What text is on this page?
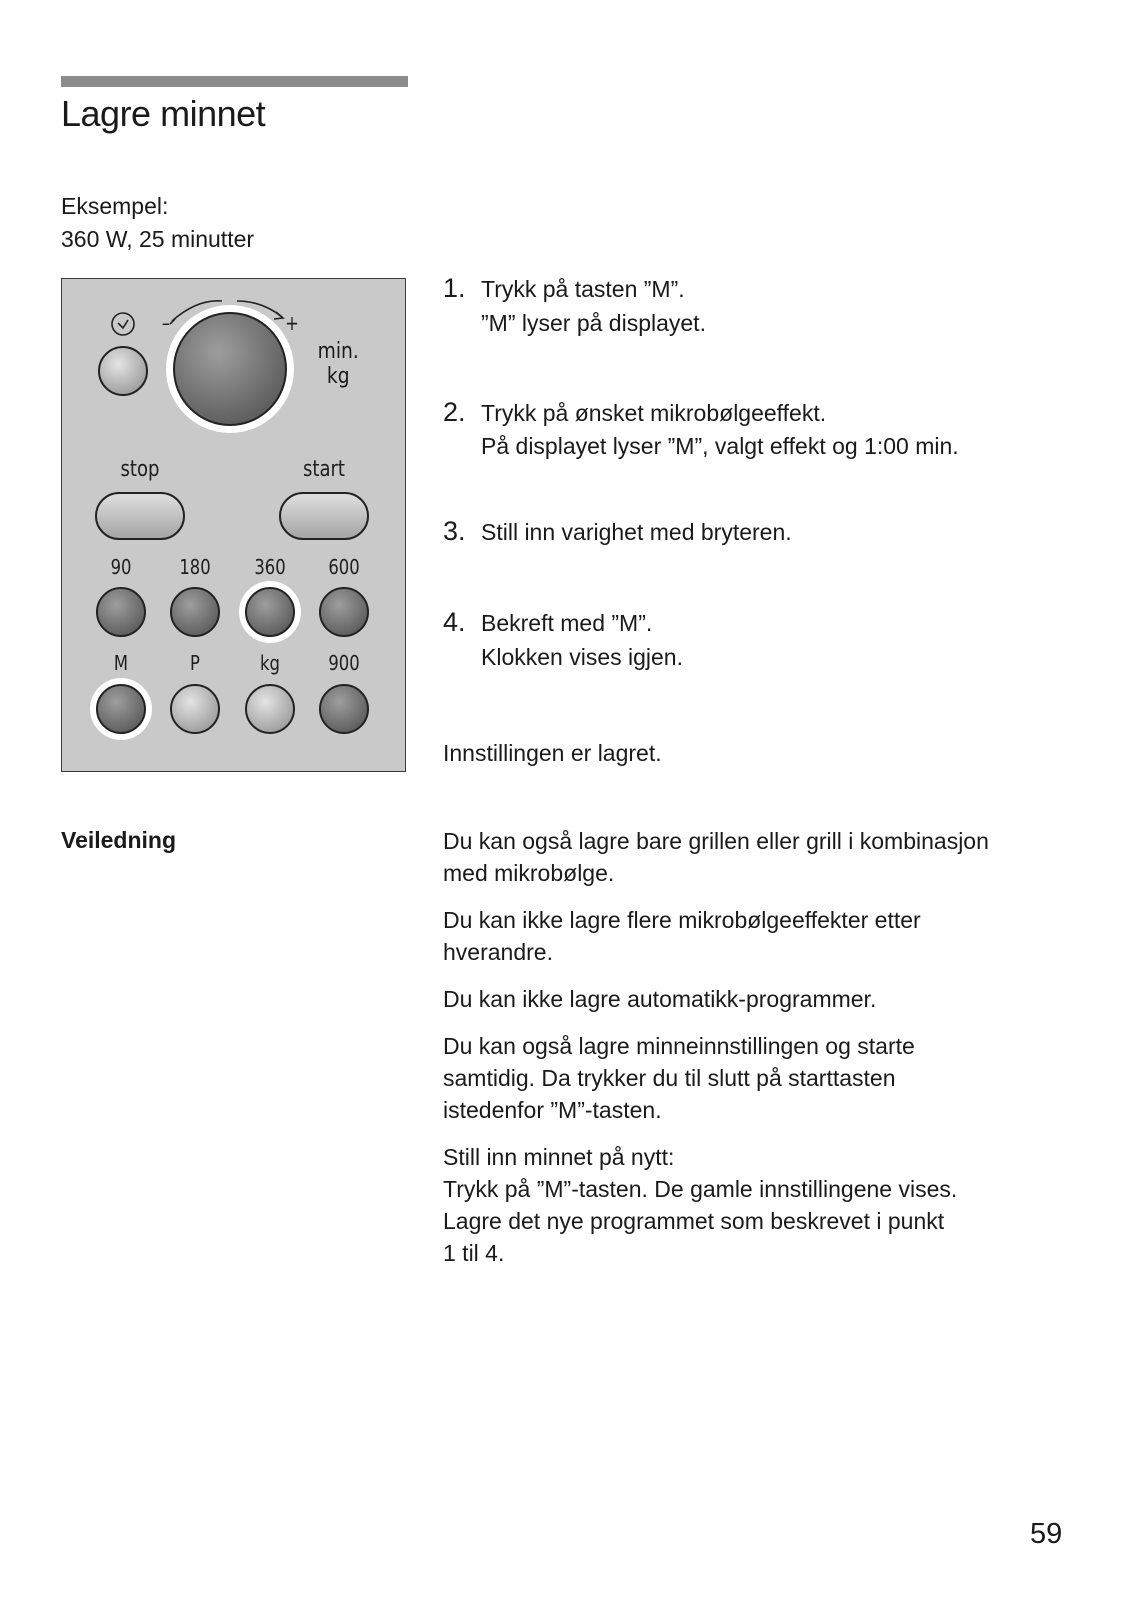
Lagre minnet
Eksempel:
360 W, 25 minutter
–	+
min.
kg
stop	start
90 180 360 600
M	P	kg 900
1. Trykk på tasten ”M”.
”M” lyser på displayet.
2. Trykk på ønsket mikrobølgeeffekt.
På displayet lyser ”M”, valgt effekt og 1:00 min.
3. Still inn varighet med bryteren.
4. Bekreft med ”M”.
Klokken vises igjen.
Innstillingen er lagret.
Veiledning	Du kan også lagre bare grillen eller grill i kombinasjon
med mikrobølge.

Du kan ikke lagre flere mikrobølgeeffekter etter
hverandre.

Du kan ikke lagre automatikk-programmer.

Du kan også lagre minneinnstillingen og starte
samtidig. Da trykker du til slutt på starttasten
istedenfor ”M”-tasten.

Still inn minnet på nytt:
Trykk på ”M”-tasten. De gamle innstillingene vises.
Lagre det nye programmet som beskrevet i punkt
1 til 4.

59
